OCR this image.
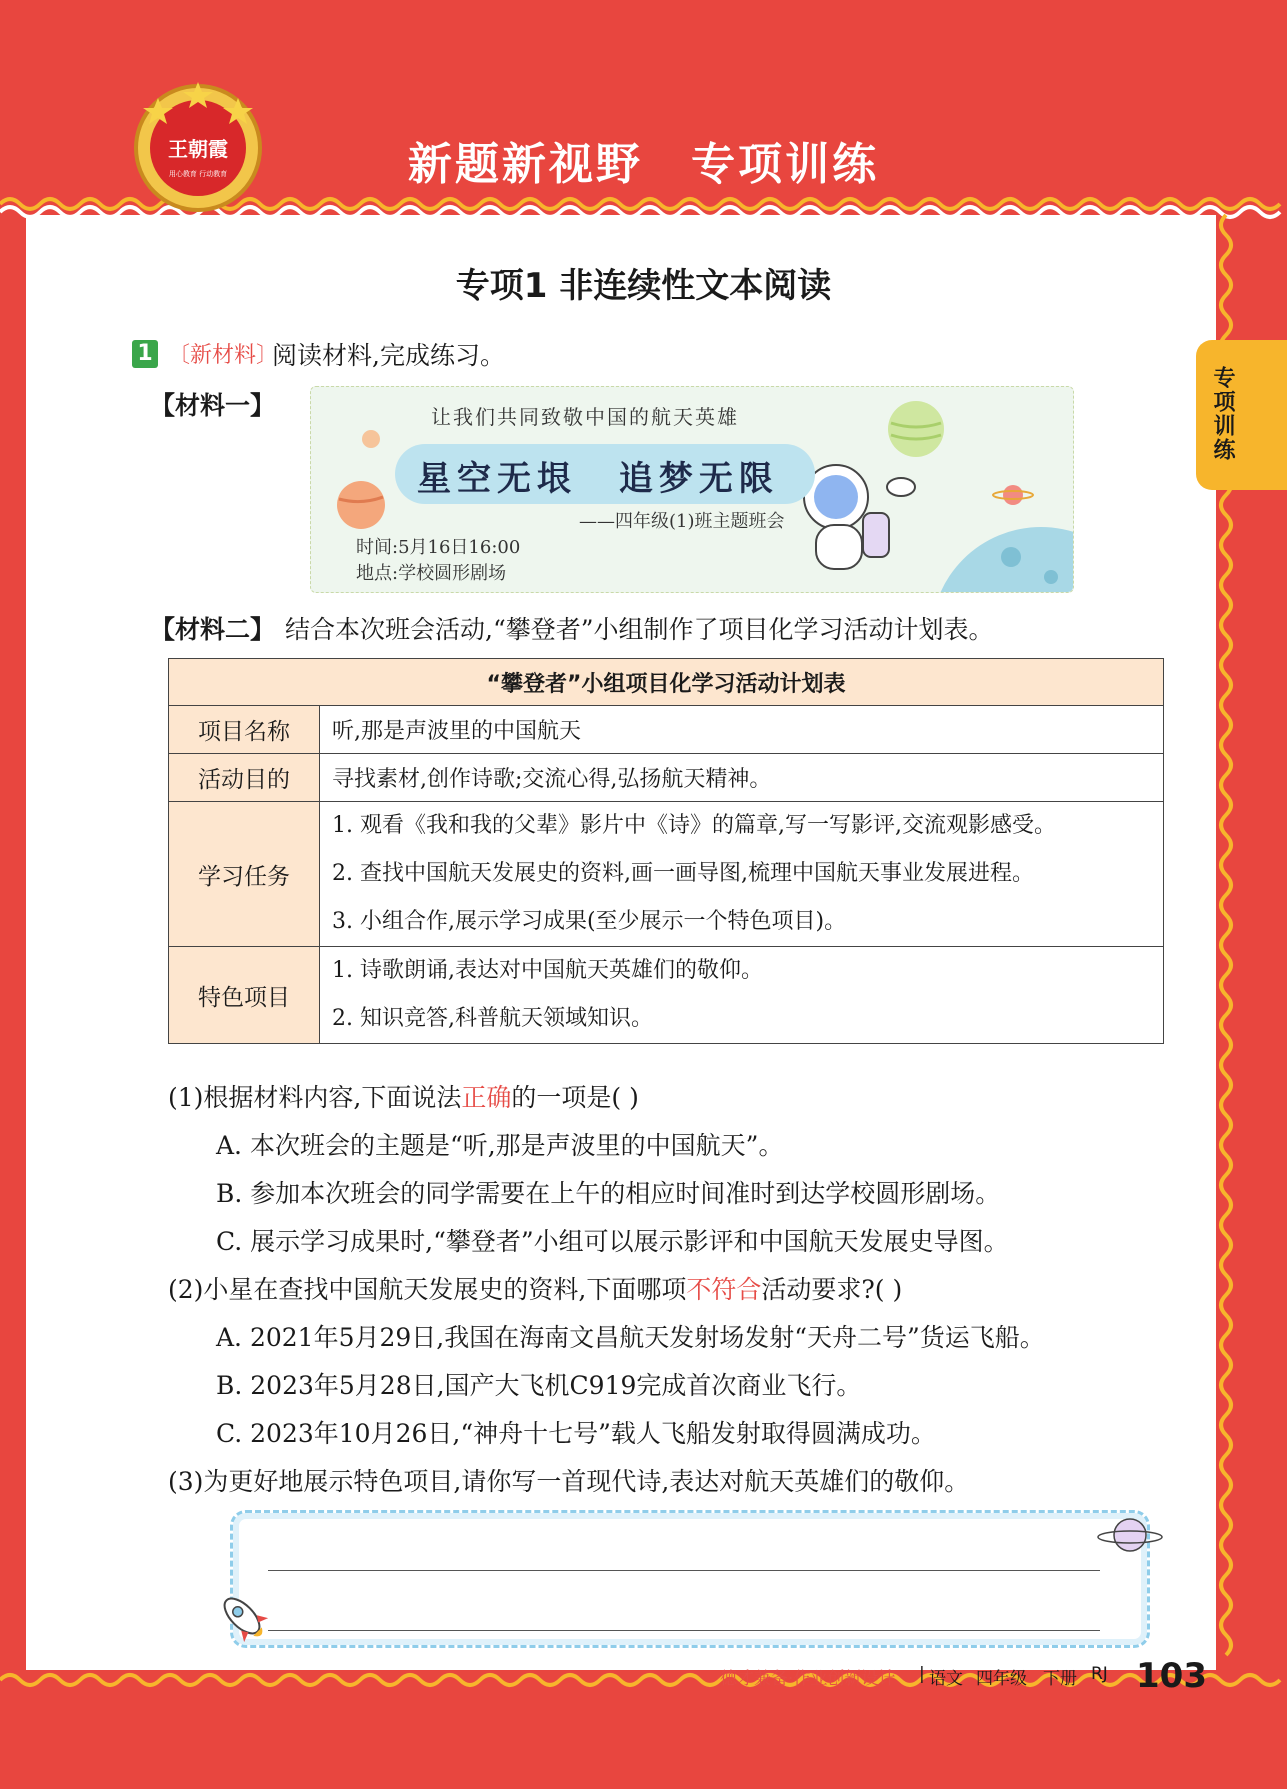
王朝霞
用心教育 行动教育	新题新视野 专项训练
专项训练
专项1 非连续性文本阅读
1 〔新材料〕
阅读材料,完成练习。
【材料一】	让我们共同致敬中国的航天英雄
星空无垠 追梦无限
——四年级(1)班主题班会
时间:5月16日16:00
地点:学校圆形剧场
【材料二】 结合本次班会活动,“攀登者”小组制作了项目化学习活动计划表。
“攀登者”小组项目化学习活动计划表	
项目名称	听,那是声波里的中国航天
活动目的	寻找素材,创作诗歌;交流心得,弘扬航天精神。
学习任务	1. 观看《我和我的父辈》影片中《诗》的篇章,写一写影评,交流观影感受。
2. 查找中国航天发展史的资料,画一画导图,梳理中国航天事业发展进程。
3. 小组合作,展示学习成果(至少展示一个特色项目)。

特色项目	1. 诗歌朗诵,表达对中国航天英雄们的敬仰。
2. 知识竞答,科普航天领域知识。
(1)根据材料内容,下面说法正确的一项是( )
A. 本次班会的主题是“听,那是声波里的中国航天”。
B. 参加本次班会的同学需要在上午的相应时间准时到达学校圆形剧场。
C. 展示学习成果时,“攀登者”小组可以展示影评和中国航天发展史导图。
(2)小星在查找中国航天发展史的资料,下面哪项不符合活动要求?( )
A. 2021年5月29日,我国在海南文昌航天发射场发射“天舟二号”货运飞船。
B. 2023年5月28日,国产大飞机C919完成首次商业飞行。
C. 2023年10月26日,“神舟十七号”载人飞船发射取得圆满成功。
(3)为更好地展示特色项目,请你写一首现代诗,表达对航天英雄们的敬仰。
德才兼备·作业创新设计 | 语文 四年级 下册 RJ 103
